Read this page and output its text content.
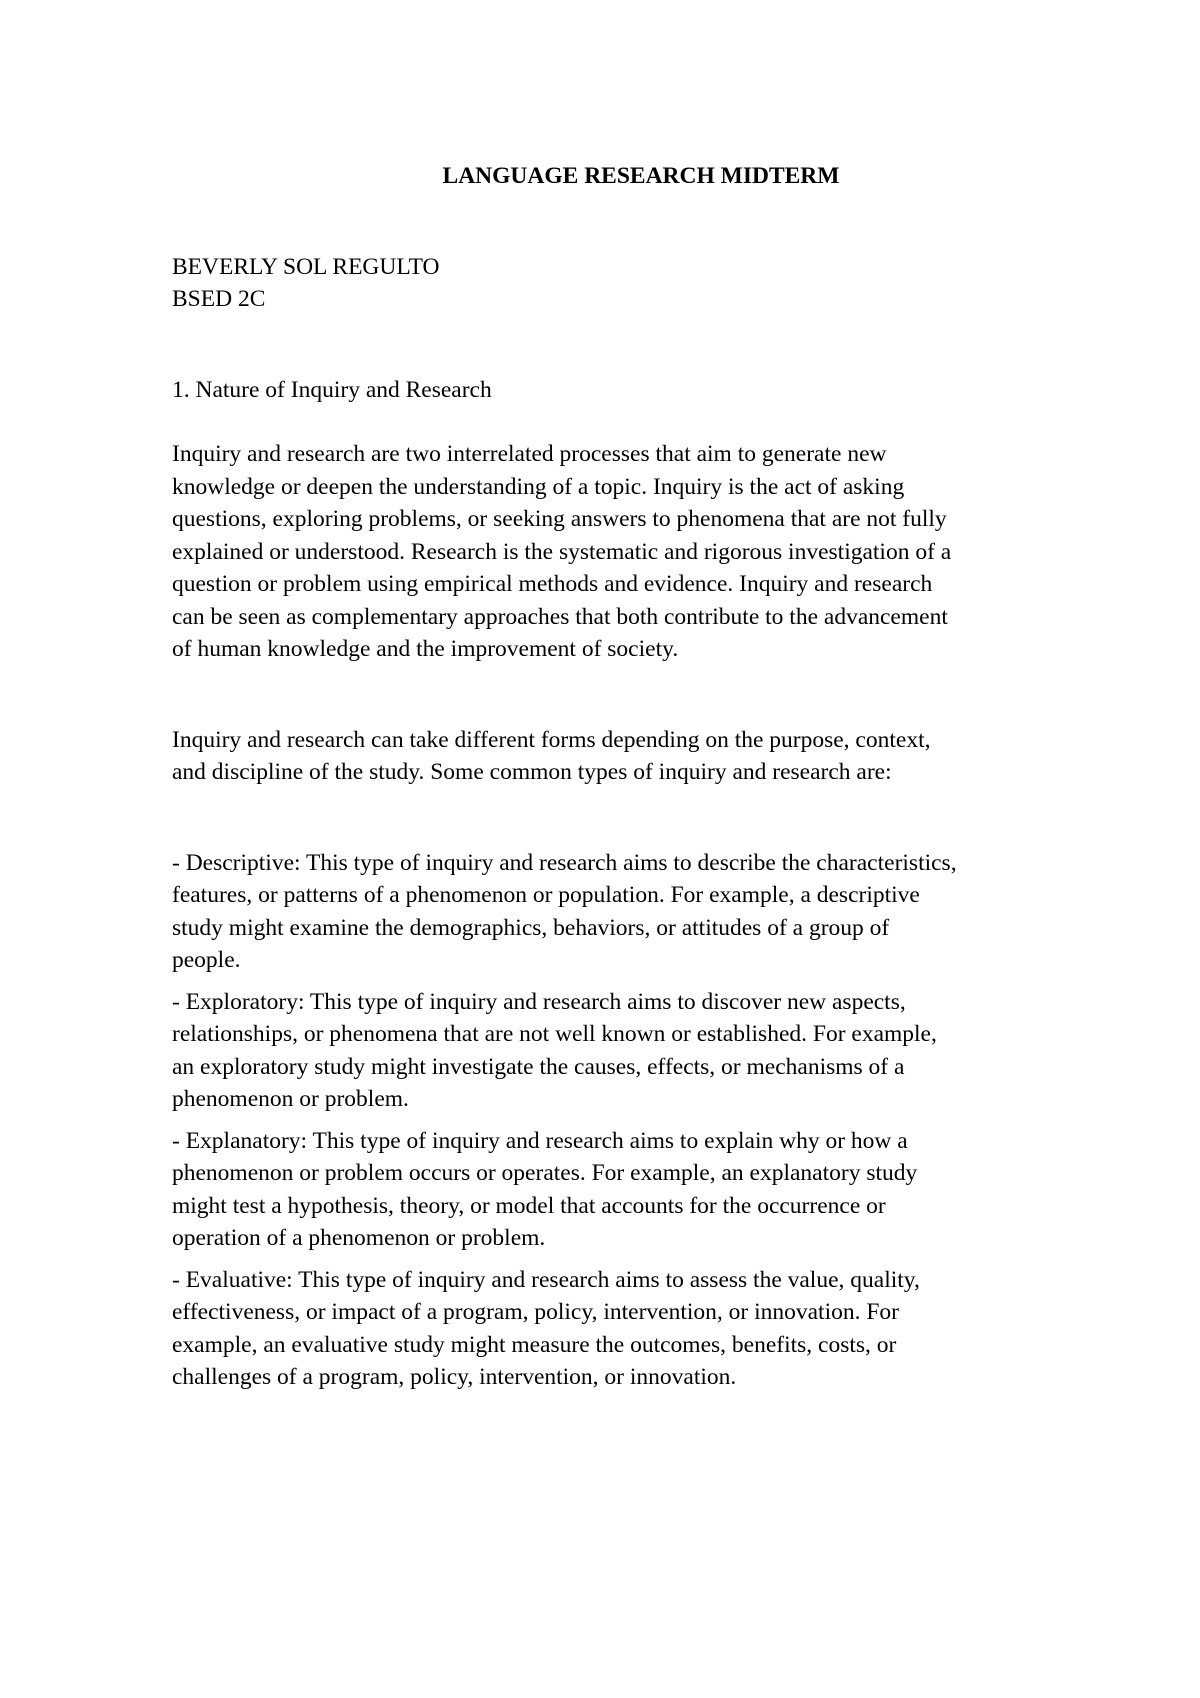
LANGUAGE RESEARCH MIDTERM
BEVERLY SOL REGULTO
BSED 2C
1. Nature of Inquiry and Research
Inquiry and research are two interrelated processes that aim to generate new
knowledge or deepen the understanding of a topic. Inquiry is the act of asking
questions, exploring problems, or seeking answers to phenomena that are not fully
explained or understood. Research is the systematic and rigorous investigation of a
question or problem using empirical methods and evidence. Inquiry and research
can be seen as complementary approaches that both contribute to the advancement
of human knowledge and the improvement of society.
Inquiry and research can take different forms depending on the purpose, context,
and discipline of the study. Some common types of inquiry and research are:
- Descriptive: This type of inquiry and research aims to describe the characteristics,
features, or patterns of a phenomenon or population. For example, a descriptive
study might examine the demographics, behaviors, or attitudes of a group of
people.
- Exploratory: This type of inquiry and research aims to discover new aspects,
relationships, or phenomena that are not well known or established. For example,
an exploratory study might investigate the causes, effects, or mechanisms of a
phenomenon or problem.
- Explanatory: This type of inquiry and research aims to explain why or how a
phenomenon or problem occurs or operates. For example, an explanatory study
might test a hypothesis, theory, or model that accounts for the occurrence or
operation of a phenomenon or problem.
- Evaluative: This type of inquiry and research aims to assess the value, quality,
effectiveness, or impact of a program, policy, intervention, or innovation. For
example, an evaluative study might measure the outcomes, benefits, costs, or
challenges of a program, policy, intervention, or innovation.
